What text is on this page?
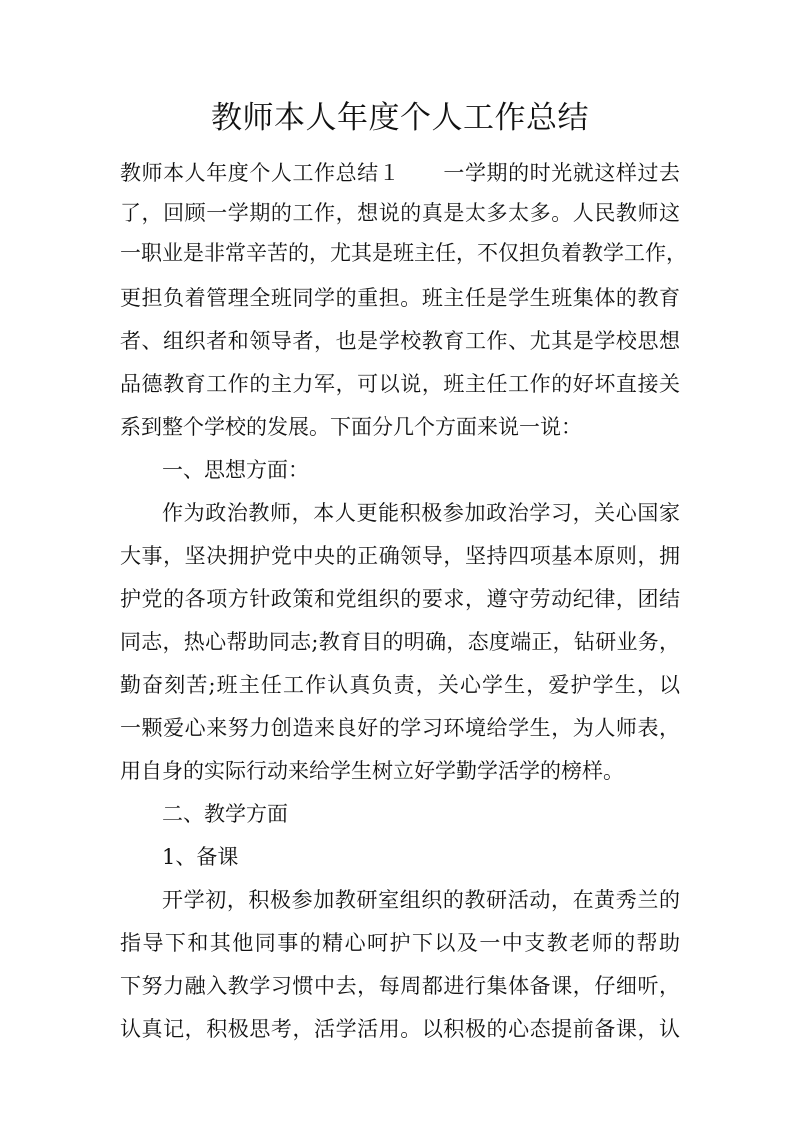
教师本人年度个人工作总结
教师本人年度个人工作总结１　　一学期的时光就这样过去
了，回顾一学期的工作，想说的真是太多太多。人民教师这
一职业是非常辛苦的，尤其是班主任，不仅担负着教学工作，
更担负着管理全班同学的重担。班主任是学生班集体的教育
者、组织者和领导者，也是学校教育工作、尤其是学校思想
品德教育工作的主力军，可以说，班主任工作的好坏直接关
系到整个学校的发展。下面分几个方面来说一说：
一、思想方面：
作为政治教师，本人更能积极参加政治学习，关心国家
大事，坚决拥护党中央的正确领导，坚持四项基本原则，拥
护党的各项方针政策和党组织的要求，遵守劳动纪律，团结
同志，热心帮助同志;教育目的明确，态度端正，钻研业务，
勤奋刻苦;班主任工作认真负责，关心学生，爱护学生，以
一颗爱心来努力创造来良好的学习环境给学生，为人师表，
用自身的实际行动来给学生树立好学勤学活学的榜样。
二、教学方面
1、备课
开学初，积极参加教研室组织的教研活动，在黄秀兰的
指导下和其他同事的精心呵护下以及一中支教老师的帮助
下努力融入教学习惯中去，每周都进行集体备课，仔细听，
认真记，积极思考，活学活用。以积极的心态提前备课，认
